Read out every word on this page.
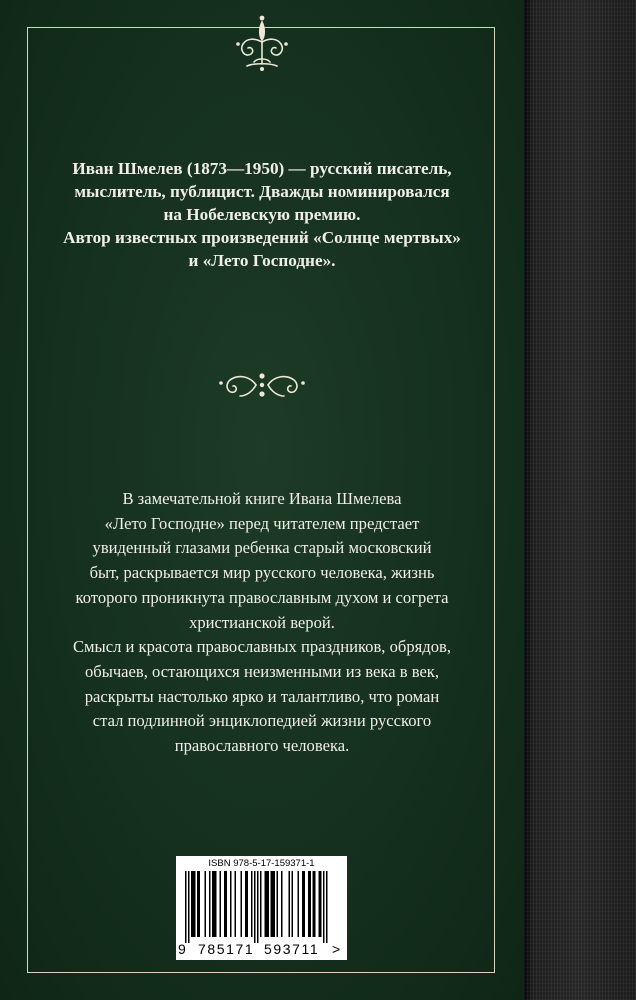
Иван Шмелев (1873—1950) — русский писатель,
мыслитель, публицист. Дважды номинировался
на Нобелевскую премию.
Автор известных произведений «Солнце мертвых»
и «Лето Господне».
В замечательной книге Ивана Шмелева
«Лето Господне» перед читателем предстает
увиденный глазами ребенка старый московский
быт, раскрывается мир русского человека, жизнь
которого проникнута православным духом и согрета
христианской верой.
Смысл и красота православных праздников, обрядов,
обычаев, остающихся неизменными из века в век,
раскрыты настолько ярко и талантливо, что роман
стал подлинной энциклопедией жизни русского
православного человека.
ISBN 978-5-17-159371-1
9 785171 593711 >
